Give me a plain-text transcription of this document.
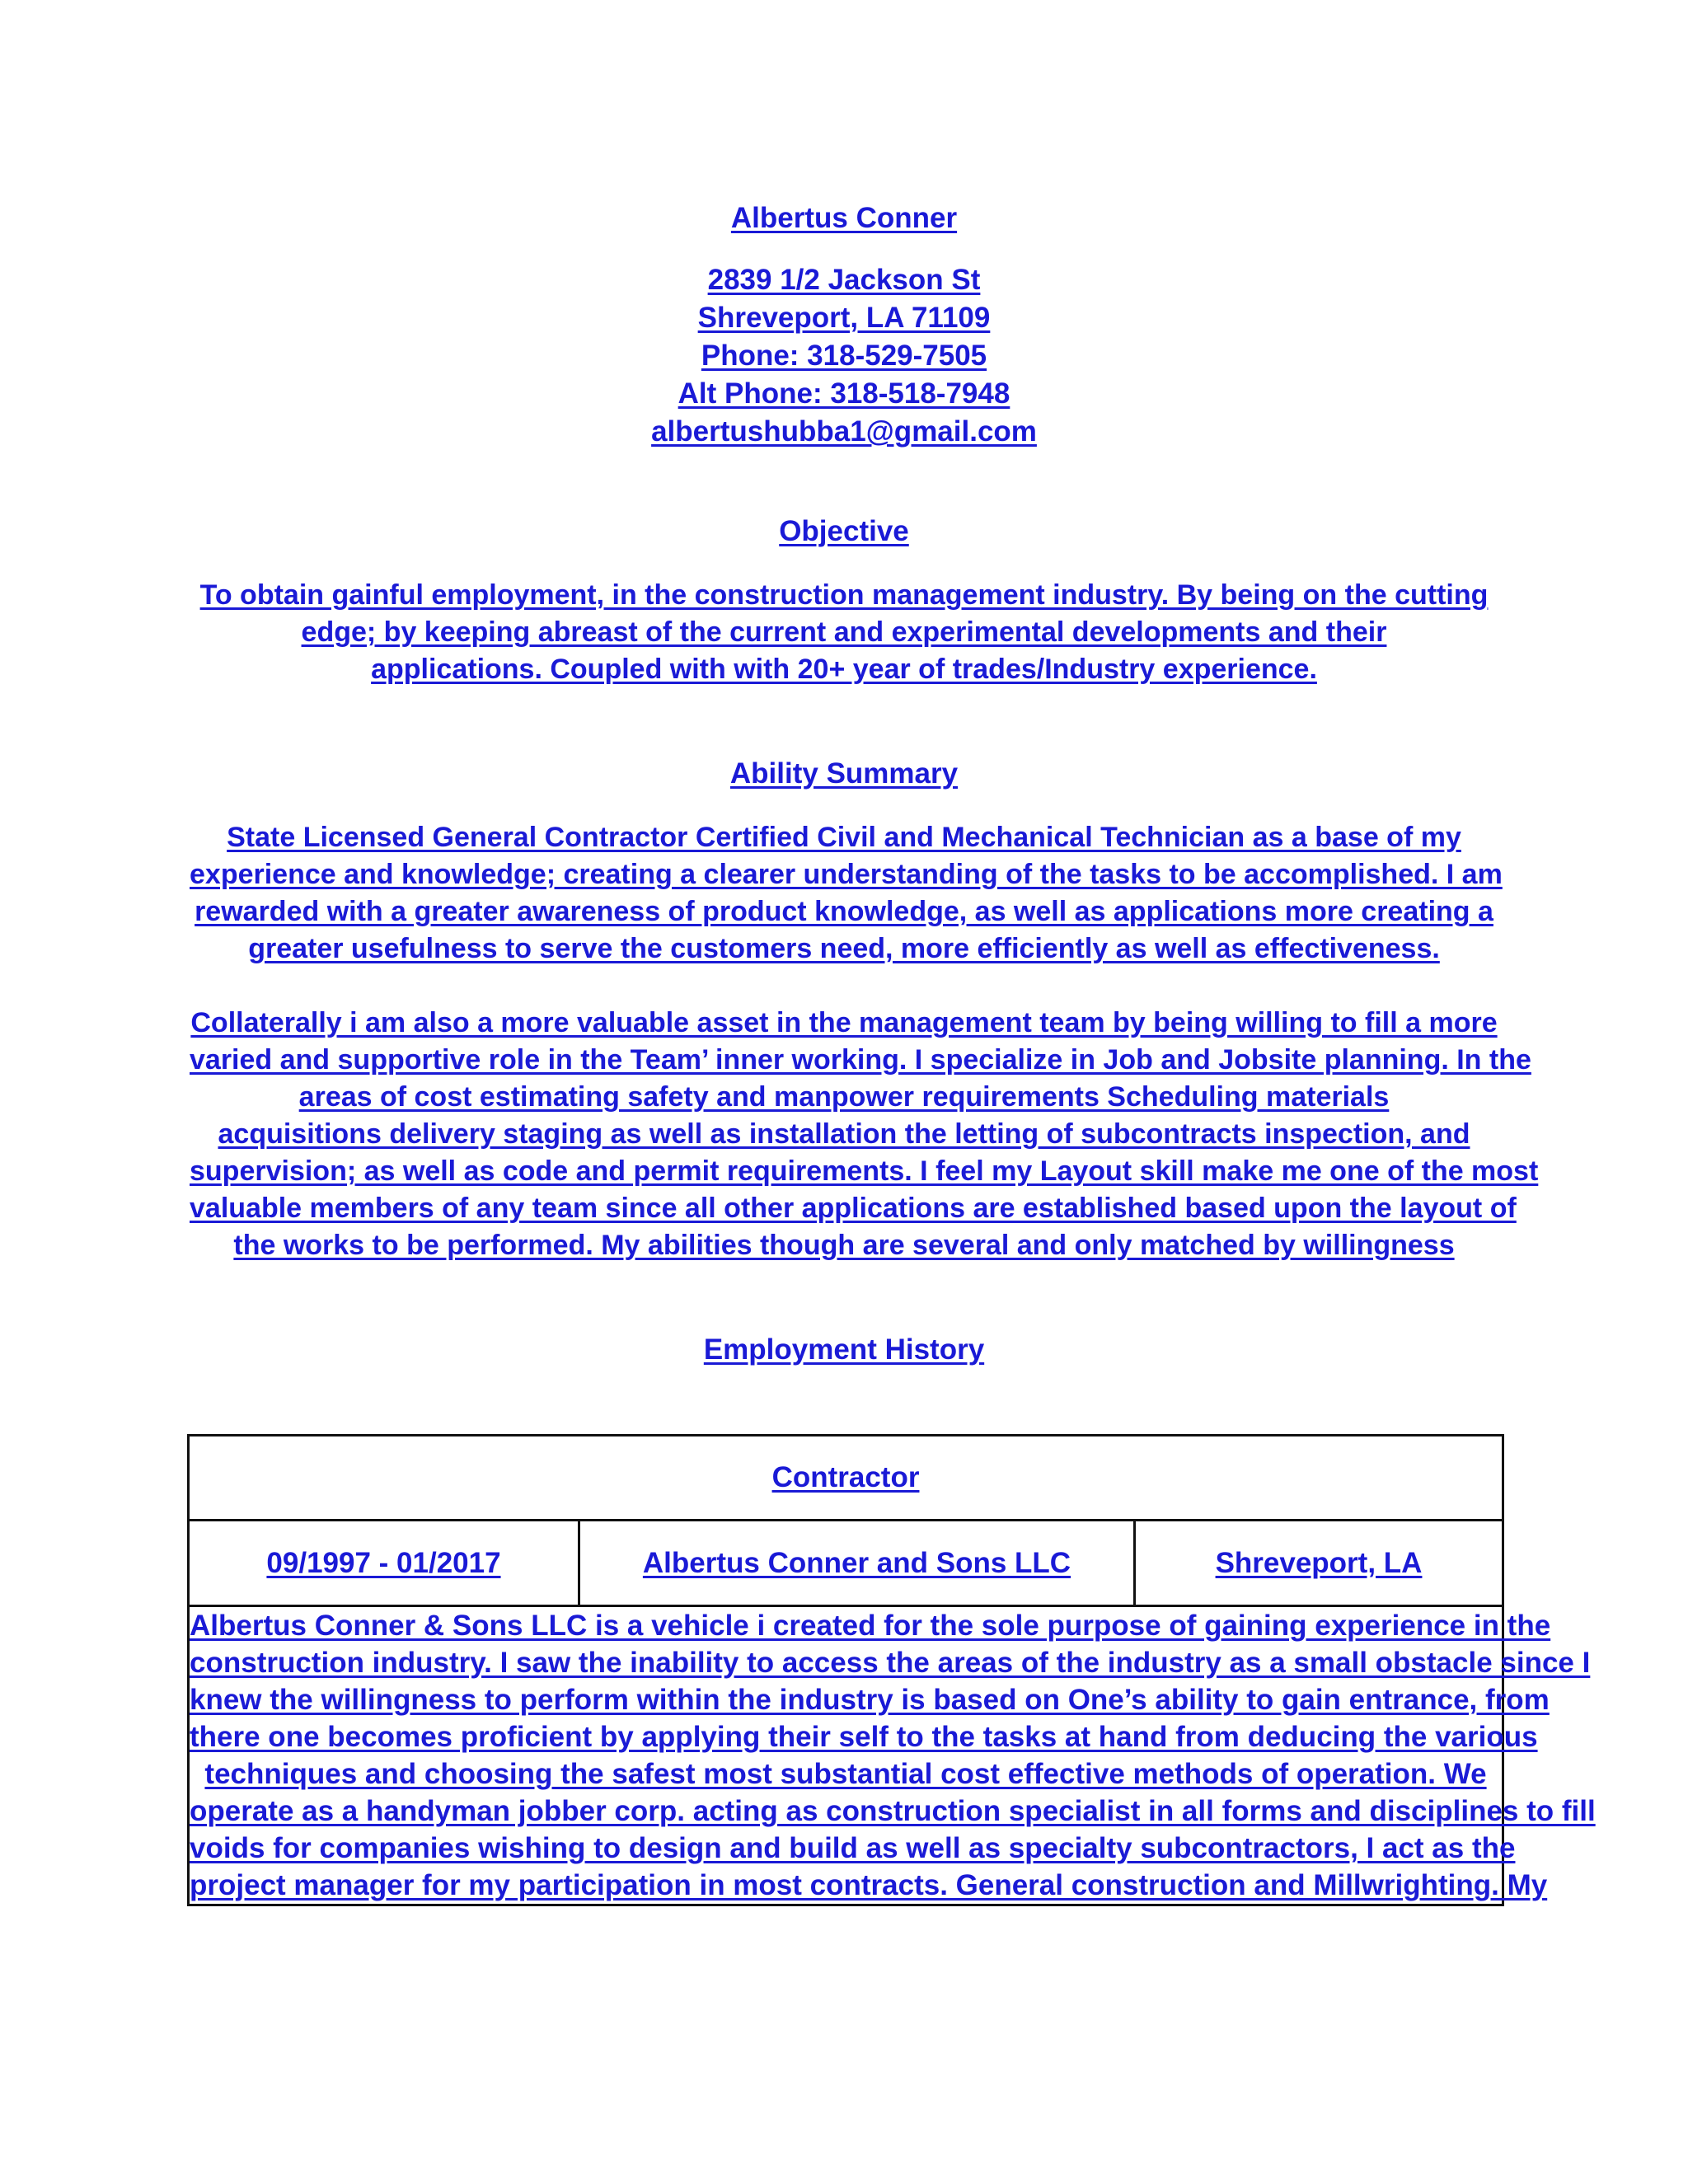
Albertus Conner
2839 1/2 Jackson St
Shreveport, LA 71109
Phone: 318-529-7505
Alt Phone: 318-518-7948
albertushubba1@gmail.com
Objective
To obtain gainful employment, in the construction management industry. By being on the cutting
edge; by keeping abreast of the current and experimental developments and their
applications. Coupled with with 20+ year of trades/Industry experience.
Ability Summary
State Licensed General Contractor Certified Civil and Mechanical Technician as a base of my
experience and knowledge; creating a clearer understanding of the tasks to be accomplished. I am
rewarded with a greater awareness of product knowledge, as well as applications more creating a
greater usefulness to serve the customers need, more efficiently as well as effectiveness.
Collaterally i am also a more valuable asset in the management team by being willing to fill a more
varied and supportive role in the Team’ inner working. I specialize in Job and Jobsite planning. In the
areas of cost estimating safety and manpower requirements Scheduling materials
acquisitions delivery staging as well as installation the letting of subcontracts inspection, and
supervision; as well as code and permit requirements. I feel my Layout skill make me one of the most
valuable members of any team since all other applications are established based upon the layout of
the works to be performed. My abilities though are several and only matched by willingness
Employment History
Contractor
09/1997 - 01/2017	Albertus Conner and Sons LLC	Shreveport, LA

Albertus Conner & Sons LLC is a vehicle i created for the sole purpose of gaining experience in the
construction industry. I saw the inability to access the areas of the industry as a small obstacle since I
knew the willingness to perform within the industry is based on One’s ability to gain entrance, from
there one becomes proficient by applying their self to the tasks at hand from deducing the various
techniques and choosing the safest most substantial cost effective methods of operation. We
operate as a handyman jobber corp. acting as construction specialist in all forms and disciplines to fill
voids for companies wishing to design and build as well as specialty subcontractors, I act as the
project manager for my participation in most contracts. General construction and Millwrighting. My
